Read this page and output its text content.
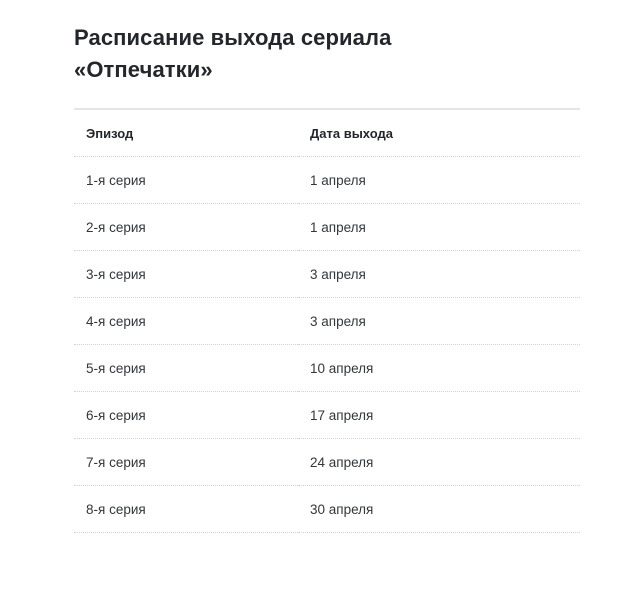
Расписание выхода сериала «Отпечатки»
Эпизод	Дата выхода
1-я серия	1 апреля
2-я серия	1 апреля
3-я серия	3 апреля
4-я серия	3 апреля
5-я серия	10 апреля
6-я серия	17 апреля
7-я серия	24 апреля
8-я серия	30 апреля
